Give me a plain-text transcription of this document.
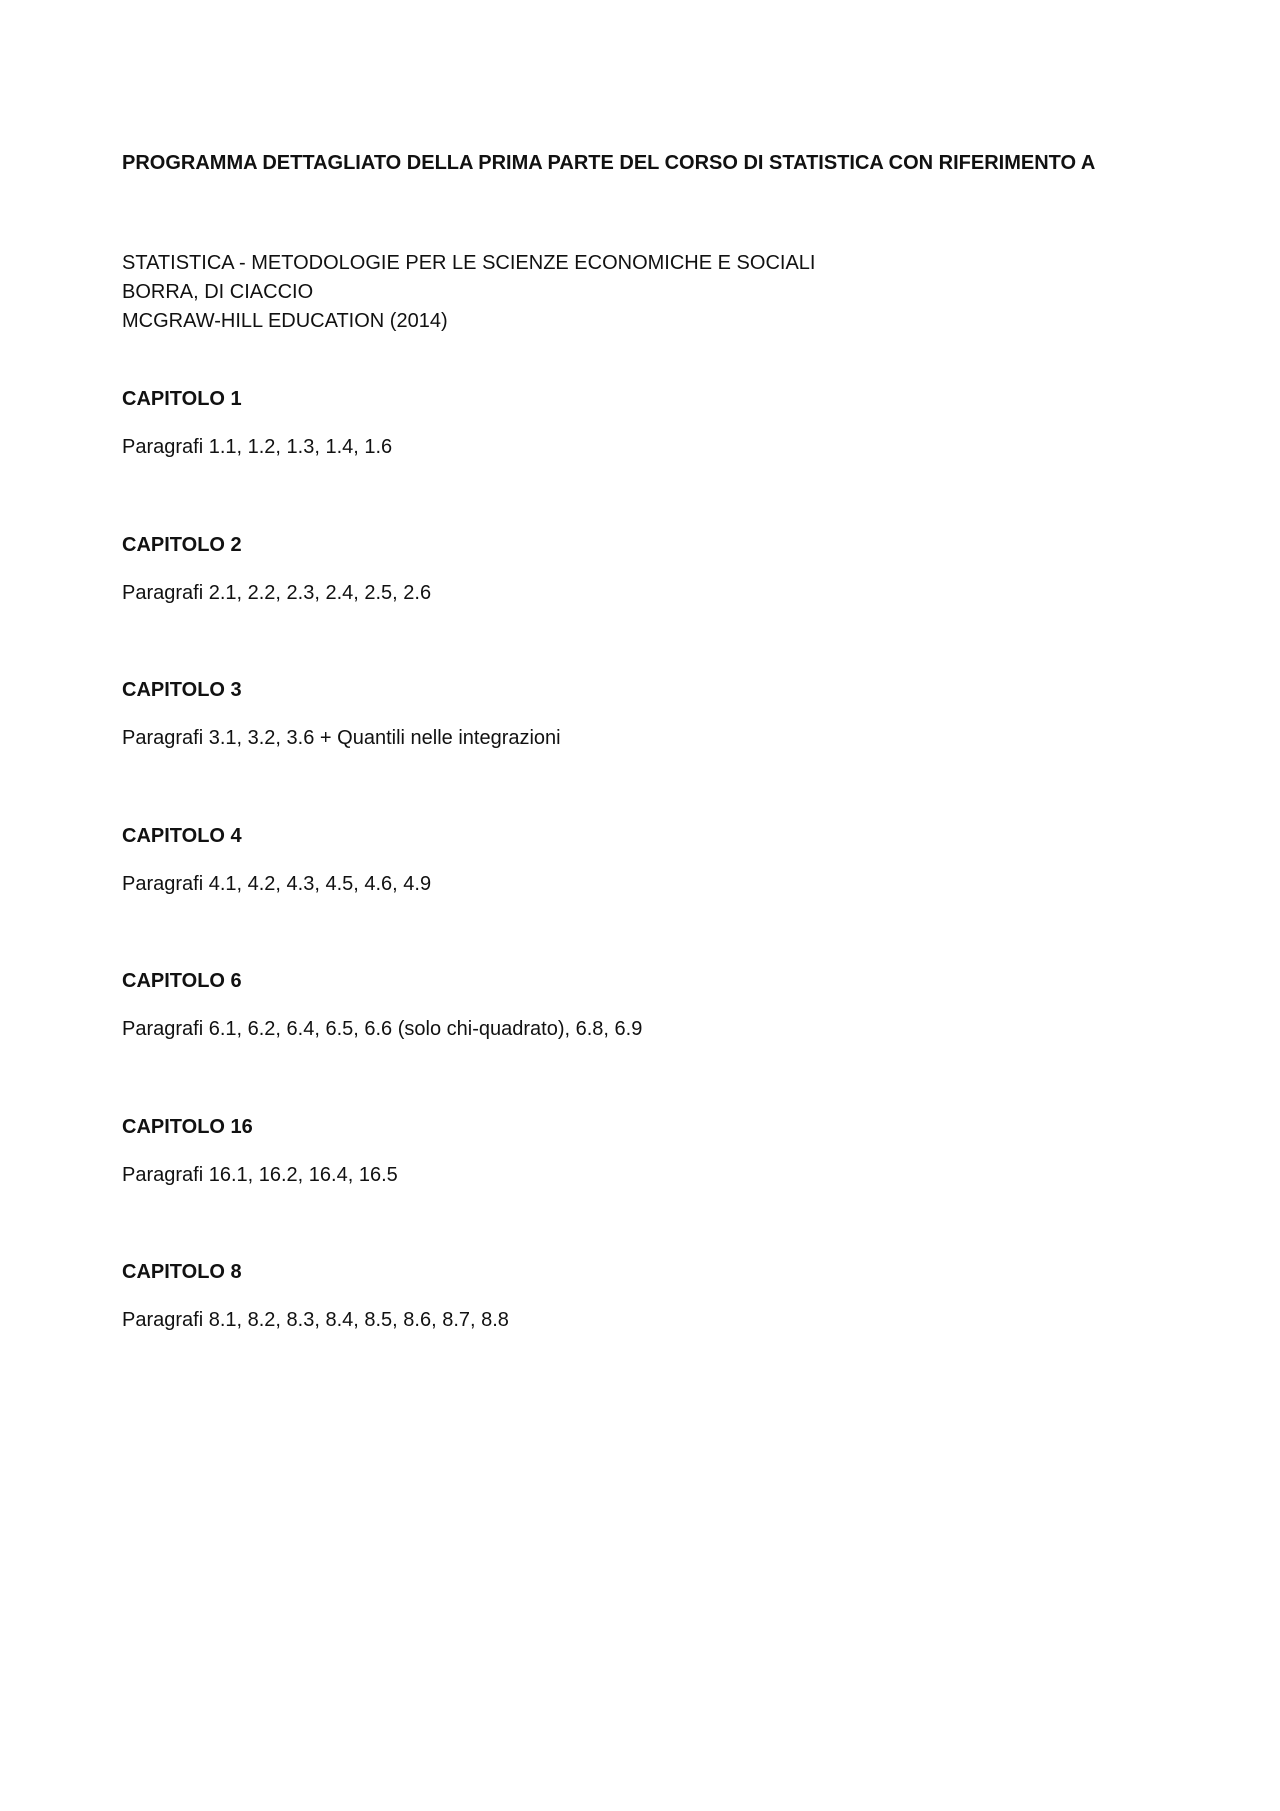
PROGRAMMA DETTAGLIATO DELLA PRIMA PARTE DEL CORSO DI STATISTICA CON RIFERIMENTO A
STATISTICA - METODOLOGIE PER LE SCIENZE ECONOMICHE E SOCIALI
BORRA, DI CIACCIO
MCGRAW-HILL EDUCATION (2014)
CAPITOLO 1
Paragrafi 1.1, 1.2, 1.3, 1.4, 1.6
CAPITOLO 2
Paragrafi 2.1, 2.2, 2.3, 2.4, 2.5, 2.6
CAPITOLO 3
Paragrafi 3.1, 3.2, 3.6 + Quantili nelle integrazioni
CAPITOLO 4
Paragrafi 4.1, 4.2, 4.3, 4.5, 4.6, 4.9
CAPITOLO 6
Paragrafi 6.1, 6.2, 6.4, 6.5, 6.6 (solo chi-quadrato), 6.8, 6.9
CAPITOLO 16
Paragrafi 16.1, 16.2, 16.4, 16.5
CAPITOLO 8
Paragrafi 8.1, 8.2, 8.3, 8.4, 8.5, 8.6, 8.7, 8.8
